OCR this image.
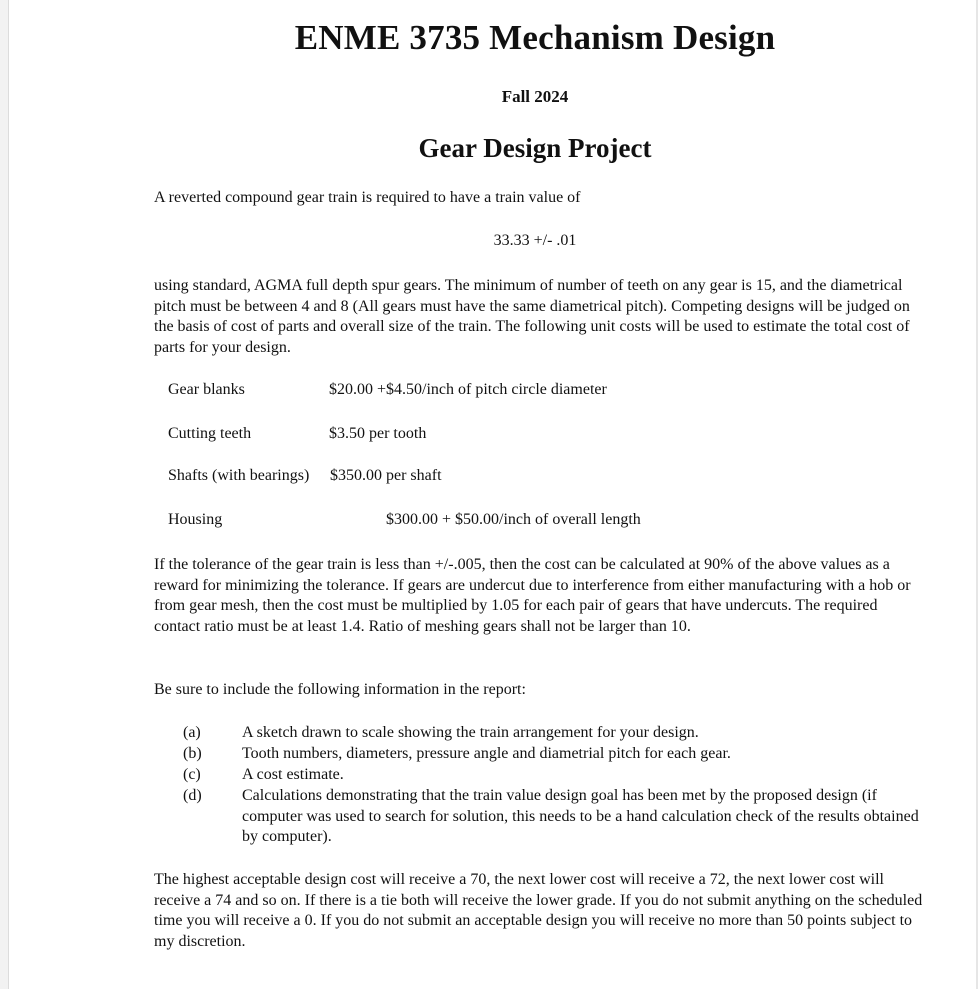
ENME 3735 Mechanism Design
Fall 2024
Gear Design Project
A reverted compound gear train is required to have a train value of
33.33 +/- .01
using standard, AGMA full depth spur gears. The minimum of number of teeth on any gear is 15, and the diametrical pitch must be between 4 and 8 (All gears must have the same diametrical pitch). Competing designs will be judged on the basis of cost of parts and overall size of the train. The following unit costs will be used to estimate the total cost of parts for your design.
Gear blanks	$20.00 +$4.50/inch of pitch circle diameter
Cutting teeth	$3.50 per tooth
Shafts (with bearings) $350.00 per shaft
Housing	$300.00 + $50.00/inch of overall length
If the tolerance of the gear train is less than +/-.005, then the cost can be calculated at 90% of the above values as a reward for minimizing the tolerance. If gears are undercut due to interference from either manufacturing with a hob or from gear mesh, then the cost must be multiplied by 1.05 for each pair of gears that have undercuts. The required contact ratio must be at least 1.4. Ratio of meshing gears shall not be larger than 10.
Be sure to include the following information in the report:
(a)	A sketch drawn to scale showing the train arrangement for your design.
(b)	Tooth numbers, diameters, pressure angle and diametrial pitch for each gear.
(c)	A cost estimate.
(d)	Calculations demonstrating that the train value design goal has been met by the proposed design (if computer was used to search for solution, this needs to be a hand calculation check of the results obtained by computer).
The highest acceptable design cost will receive a 70, the next lower cost will receive a 72, the next lower cost will receive a 74 and so on. If there is a tie both will receive the lower grade. If you do not submit anything on the scheduled time you will receive a 0. If you do not submit an acceptable design you will receive no more than 50 points subject to my discretion.
